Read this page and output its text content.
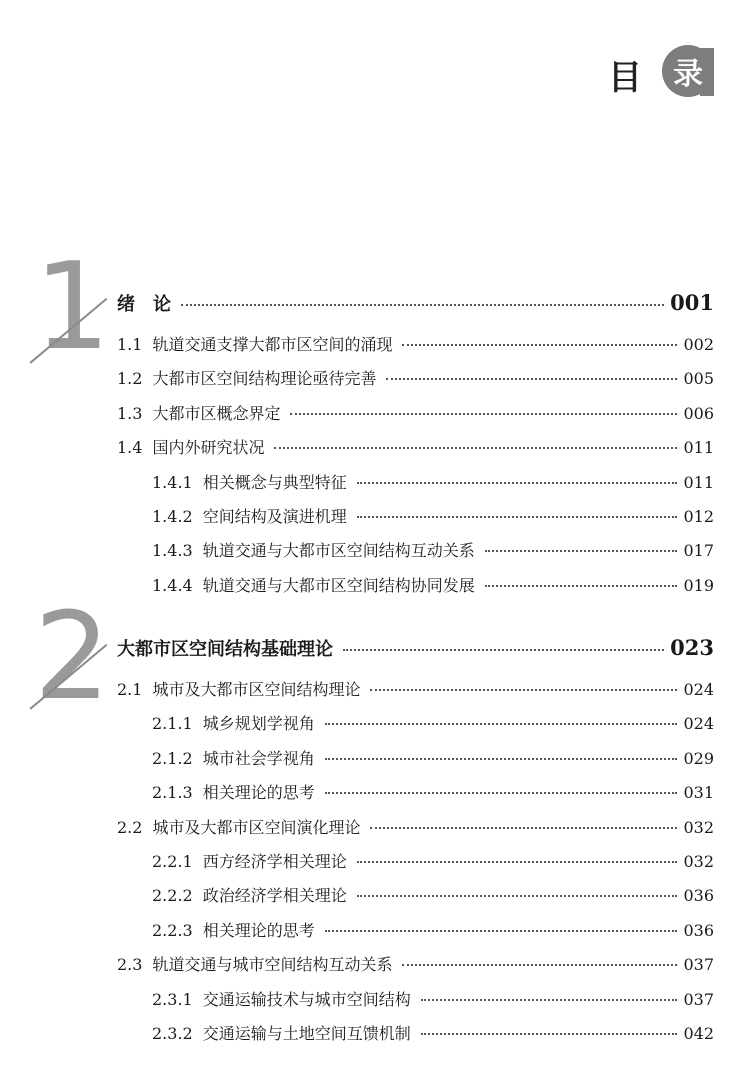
目 录
1 绪　论	001
1.1 轨道交通支撑大都市区空间的涌现	002
1.2 大都市区空间结构理论亟待完善	005
1.3 大都市区概念界定	006
1.4 国内外研究状况	011
1.4.1 相关概念与典型特征	011
1.4.2 空间结构及演进机理	012
1.4.3 轨道交通与大都市区空间结构互动关系	017
1.4.4 轨道交通与大都市区空间结构协同发展	019
2 大都市区空间结构基础理论	023
2.1 城市及大都市区空间结构理论	024
2.1.1 城乡规划学视角	024
2.1.2 城市社会学视角	029
2.1.3 相关理论的思考	031
2.2 城市及大都市区空间演化理论	032
2.2.1 西方经济学相关理论	032
2.2.2 政治经济学相关理论	036
2.2.3 相关理论的思考	036
2.3 轨道交通与城市空间结构互动关系	037
2.3.1 交通运输技术与城市空间结构	037
2.3.2 交通运输与土地空间互馈机制	042
